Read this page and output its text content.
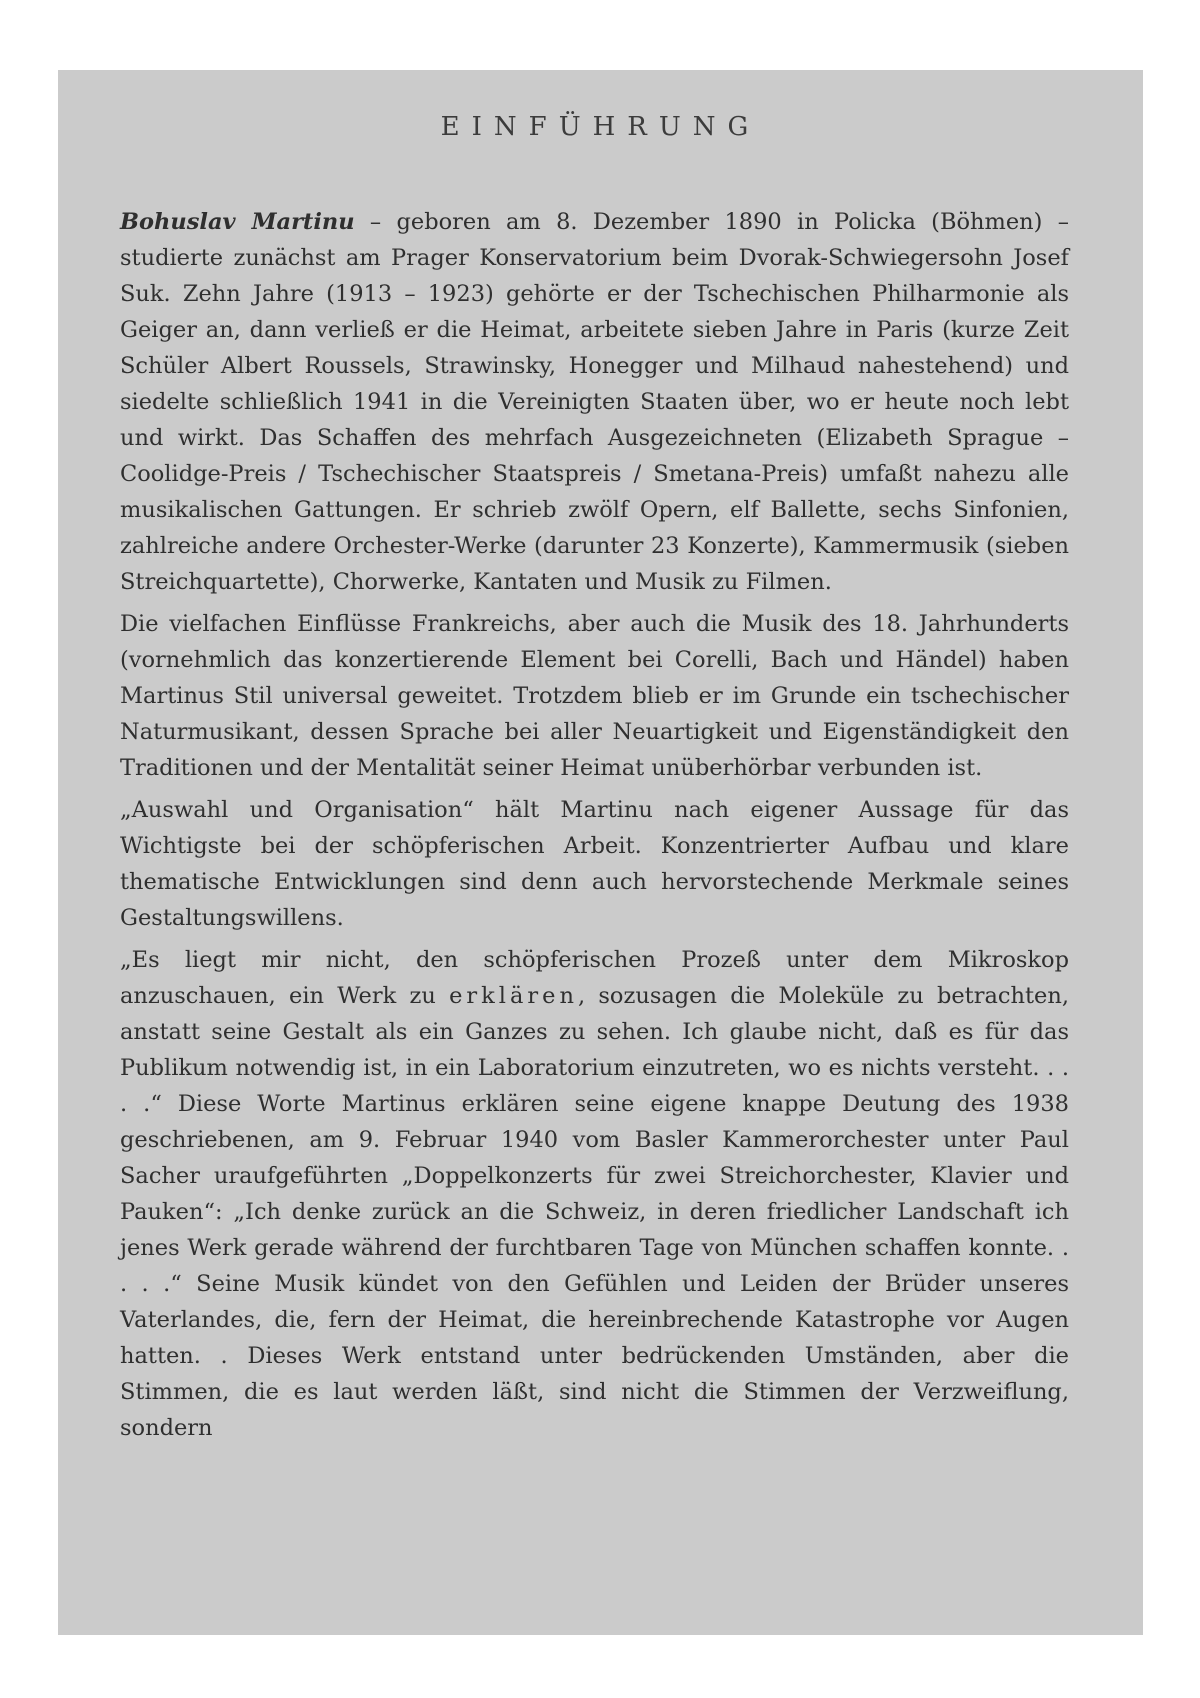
EINFÜHRUNG

Bohuslav Martinu – geboren am 8. Dezember 1890 in Policka (Böhmen) – studierte zunächst am Prager Konservatorium beim Dvorak-Schwiegersohn Josef Suk. Zehn Jahre (1913 – 1923) gehörte er der Tschechischen Philharmonie als Geiger an, dann verließ er die Heimat, arbeitete sieben Jahre in Paris (kurze Zeit Schüler Albert Roussels, Strawinsky, Honegger und Milhaud nahestehend) und siedelte schließlich 1941 in die Vereinigten Staaten über, wo er heute noch lebt und wirkt. Das Schaffen des mehrfach Ausgezeichneten (Elizabeth Sprague – Coolidge-Preis / Tschechischer Staatspreis / Smetana-Preis) umfaßt nahezu alle musikalischen Gattungen. Er schrieb zwölf Opern, elf Ballette, sechs Sinfonien, zahlreiche andere Orchester-Werke (darunter 23 Konzerte), Kammermusik (sieben Streichquartette), Chorwerke, Kantaten und Musik zu Filmen.

Die vielfachen Einflüsse Frankreichs, aber auch die Musik des 18. Jahrhunderts (vornehmlich das konzertierende Element bei Corelli, Bach und Händel) haben Martinus Stil universal geweitet. Trotzdem blieb er im Grunde ein tschechischer Naturmusikant, dessen Sprache bei aller Neuartigkeit und Eigenständigkeit den Traditionen und der Mentalität seiner Heimat unüberhörbar verbunden ist.

„Auswahl und Organisation“ hält Martinu nach eigener Aussage für das Wichtigste bei der schöpferischen Arbeit. Konzentrierter Aufbau und klare thematische Entwicklungen sind denn auch hervorstechende Merkmale seines Gestaltungswillens.

„Es liegt mir nicht, den schöpferischen Prozeß unter dem Mikroskop anzuschauen, ein Werk zu erklären, sozusagen die Moleküle zu betrachten, anstatt seine Gestalt als ein Ganzes zu sehen. Ich glaube nicht, daß es für das Publikum notwendig ist, in ein Laboratorium einzutreten, wo es nichts versteht. . . . .“ Diese Worte Martinus erklären seine eigene knappe Deutung des 1938 geschriebenen, am 9. Februar 1940 vom Basler Kammerorchester unter Paul Sacher uraufgeführten „Doppelkonzerts für zwei Streichorchester, Klavier und Pauken“: „Ich denke zurück an die Schweiz, in deren friedlicher Landschaft ich jenes Werk gerade während der furchtbaren Tage von München schaffen konnte. . . . .“ Seine Musik kündet von den Gefühlen und Leiden der Brüder unseres Vaterlandes, die, fern der Heimat, die hereinbrechende Katastrophe vor Augen hatten. . Dieses Werk entstand unter bedrückenden Umständen, aber die Stimmen, die es laut werden läßt, sind nicht die Stimmen der Verzweiflung, sondern
